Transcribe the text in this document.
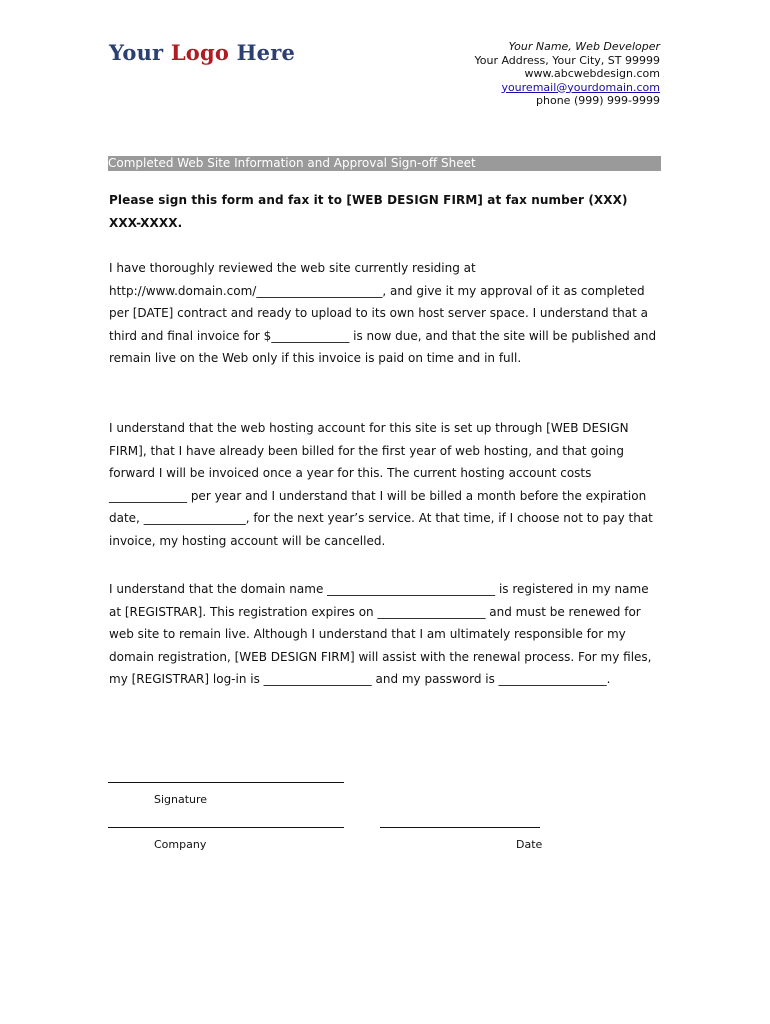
Your Logo Here	Your Name, Web Developer
Your Address, Your City, ST 99999
www.abcwebdesign.com
youremail@yourdomain.com
phone (999) 999-9999
Completed Web Site Information and Approval Sign-off Sheet
Please sign this form and fax it to [WEB DESIGN FIRM] at fax number (XXX) XXX-XXXX.

I have thoroughly reviewed the web site currently residing at http://www.domain.com/_____________________, and give it my approval of it as completed per [DATE] contract and ready to upload to its own host server space. I understand that a third and final invoice for $_____________ is now due, and that the site will be published and remain live on the Web only if this invoice is paid on time and in full.

I understand that the web hosting account for this site is set up through [WEB DESIGN FIRM], that I have already been billed for the first year of web hosting, and that going forward I will be invoiced once a year for this. The current hosting account costs _____________ per year and I understand that I will be billed a month before the expiration date, _________________, for the next year’s service. At that time, if I choose not to pay that invoice, my hosting account will be cancelled.

I understand that the domain name ____________________________ is registered in my name at [REGISTRAR]. This registration expires on __________________ and must be renewed for web site to remain live. Although I understand that I am ultimately responsible for my domain registration, [WEB DESIGN FIRM] will assist with the renewal process. For my files, my [REGISTRAR] log-in is __________________ and my password is __________________.

Signature
Company	Date
